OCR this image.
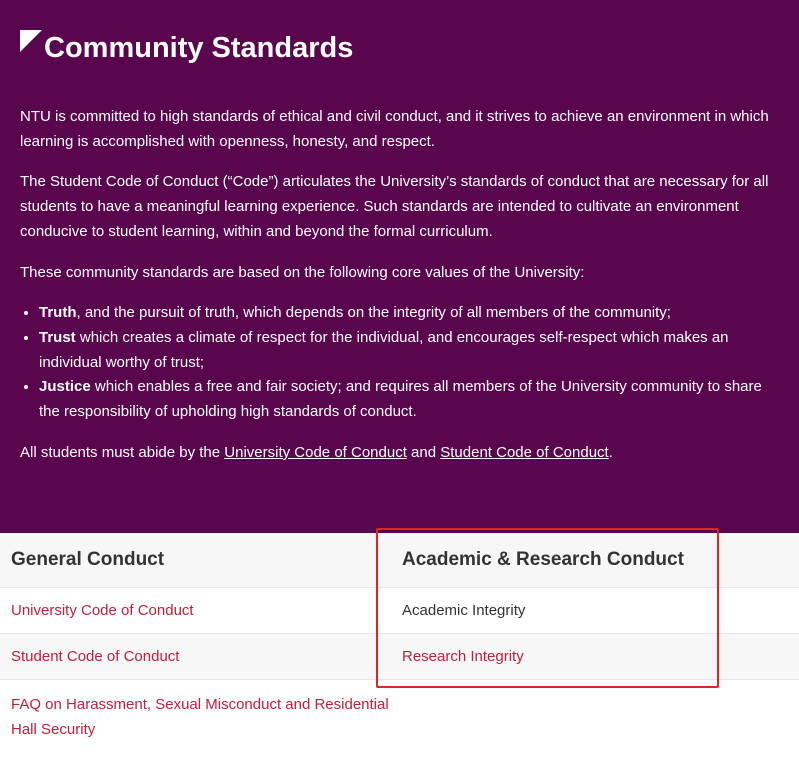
Community Standards

NTU is committed to high standards of ethical and civil conduct, and it strives to achieve an environment in which learning is accomplished with openness, honesty, and respect.

The Student Code of Conduct (“Code”) articulates the University’s standards of conduct that are necessary for all students to have a meaningful learning experience. Such standards are intended to cultivate an environment conducive to student learning, within and beyond the formal curriculum.

These community standards are based on the following core values of the University:

• Truth, and the pursuit of truth, which depends on the integrity of all members of the community;
• Trust which creates a climate of respect for the individual, and encourages self-respect which makes an individual worthy of trust;
• Justice which enables a free and fair society; and requires all members of the University community to share the responsibility of upholding high standards of conduct.

All students must abide by the University Code of Conduct and Student Code of Conduct.

General Conduct	Academic & Research Conduct
University Code of Conduct	Academic Integrity
Student Code of Conduct	Research Integrity
FAQ on Harassment, Sexual Misconduct and Residential Hall Security
